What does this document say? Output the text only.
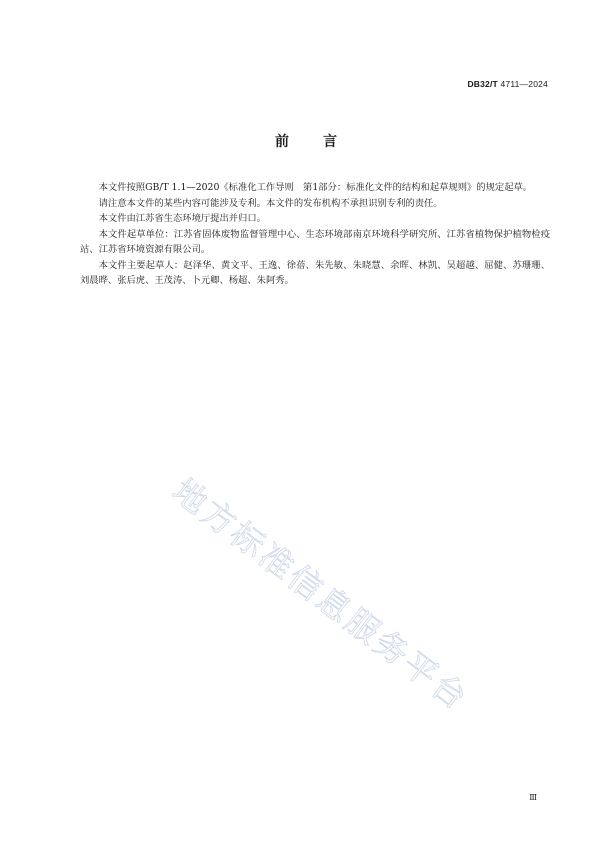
DB32/T 4711—2024
前言

本文件按照GB/T 1.1—2020《标准化工作导则　第1部分：标准化文件的结构和起草规则》的规定起草。

请注意本文件的某些内容可能涉及专利。本文件的发布机构不承担识别专利的责任。

本文件由江苏省生态环境厅提出并归口。

本文件起草单位：江苏省固体废物监督管理中心、生态环境部南京环境科学研究所、江苏省植物保护植物检疫站、江苏省环境资源有限公司。

本文件主要起草人：赵泽华、黄文平、王逸、徐蓓、朱先敏、朱晓慧、余晖、林凯、吴超越、屈健、苏珊珊、刘晨晔、张后虎、王茂涛、卜元卿、杨超、朱阿秀。

地方标准信息服务平台
Ⅲ
